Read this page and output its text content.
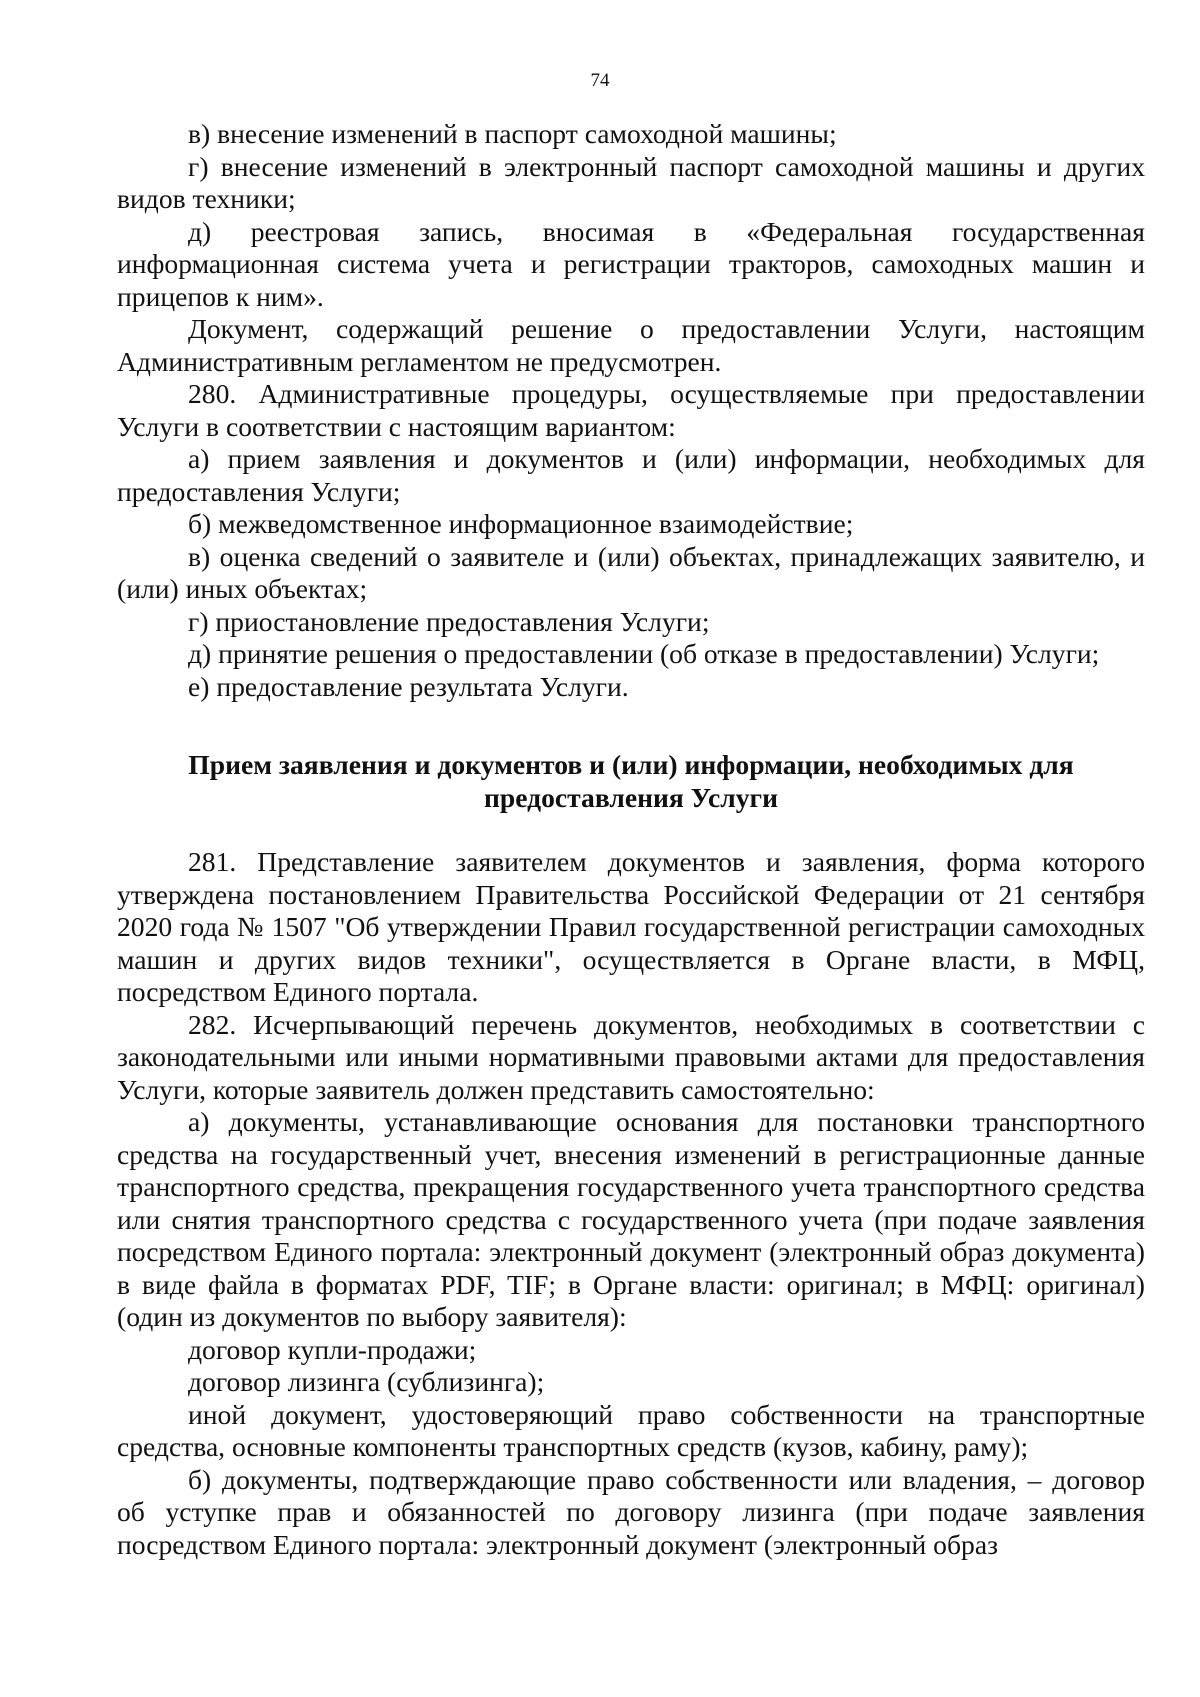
74

в) внесение изменений в паспорт самоходной машины;

г) внесение изменений в электронный паспорт самоходной машины и других видов техники;

д) реестровая запись, вносимая в «Федеральная государственная информационная система учета и регистрации тракторов, самоходных машин и прицепов к ним».

Документ, содержащий решение о предоставлении Услуги, настоящим Административным регламентом не предусмотрен.

280. Административные процедуры, осуществляемые при предоставлении Услуги в соответствии с настоящим вариантом:

а) прием заявления и документов и (или) информации, необходимых для предоставления Услуги;

б) межведомственное информационное взаимодействие;

в) оценка сведений о заявителе и (или) объектах, принадлежащих заявителю, и (или) иных объектах;

г) приостановление предоставления Услуги;

д) принятие решения о предоставлении (об отказе в предоставлении) Услуги;

е) предоставление результата Услуги.

Прием заявления и документов и (или) информации, необходимых для предоставления Услуги

281. Представление заявителем документов и заявления, форма которого утверждена постановлением Правительства Российской Федерации от 21 сентября 2020 года № 1507 "Об утверждении Правил государственной регистрации самоходных машин и других видов техники", осуществляется в Органе власти, в МФЦ, посредством Единого портала.

282. Исчерпывающий перечень документов, необходимых в соответствии с законодательными или иными нормативными правовыми актами для предоставления Услуги, которые заявитель должен представить самостоятельно:

а) документы, устанавливающие основания для постановки транспортного средства на государственный учет, внесения изменений в регистрационные данные транспортного средства, прекращения государственного учета транспортного средства или снятия транспортного средства с государственного учета (при подаче заявления посредством Единого портала: электронный документ (электронный образ документа) в виде файла в форматах PDF, TIF; в Органе власти: оригинал; в МФЦ: оригинал) (один из документов по выбору заявителя):

договор купли-продажи;

договор лизинга (сублизинга);

иной документ, удостоверяющий право собственности на транспортные средства, основные компоненты транспортных средств (кузов, кабину, раму);

б) документы, подтверждающие право собственности или владения, – договор об уступке прав и обязанностей по договору лизинга (при подаче заявления посредством Единого портала: электронный документ (электронный образ
